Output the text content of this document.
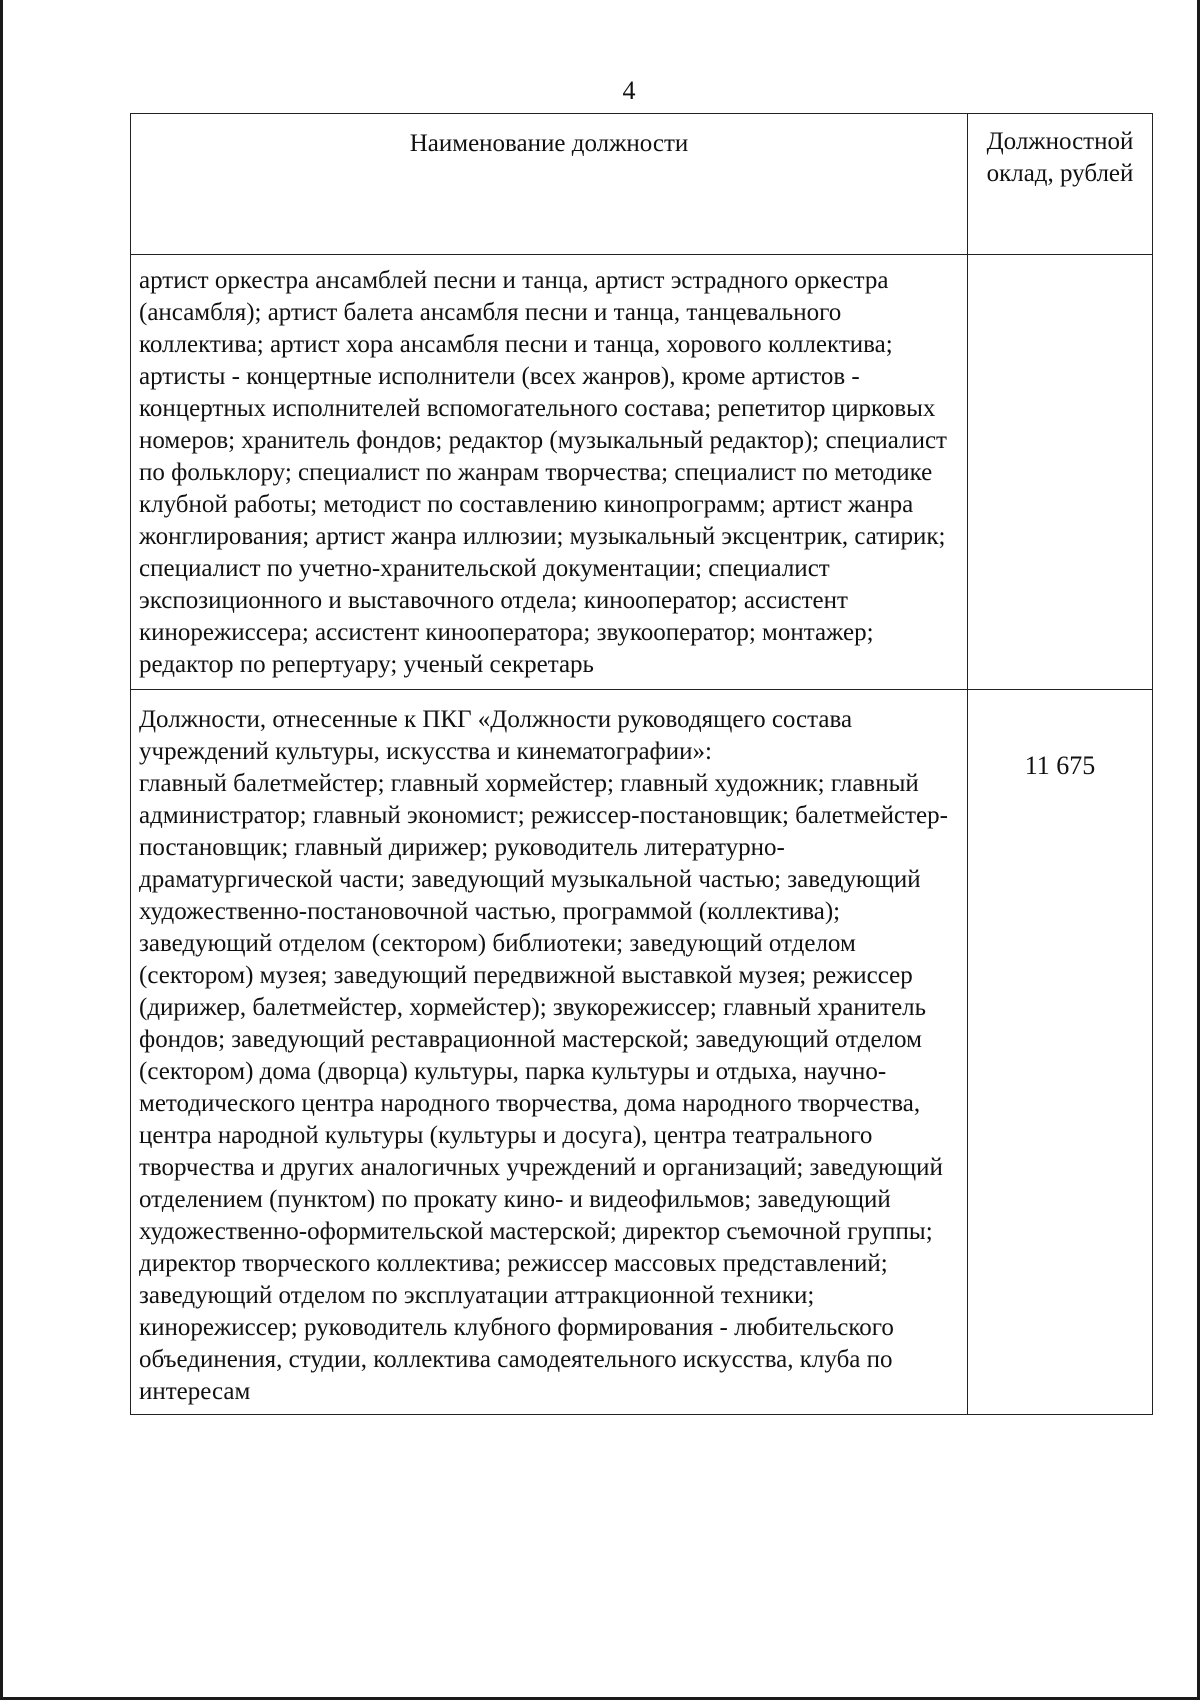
4
Наименование должности	Должностной оклад, рублей

артист оркестра ансамблей песни и танца, артист эстрадного оркестра (ансамбля); артист балета ансамбля песни и танца, танцевального коллектива; артист хора ансамбля песни и танца, хорового коллектива; артисты - концертные исполнители (всех жанров), кроме артистов - концертных исполнителей вспомогательного состава; репетитор цирковых номеров; хранитель фондов; редактор (музыкальный редактор); специалист по фольклору; специалист по жанрам творчества; специалист по методике клубной работы; методист по составлению кинопрограмм; артист жанра жонглирования; артист жанра иллюзии; музыкальный эксцентрик, сатирик; специалист по учетно-хранительской документации; специалист экспозиционного и выставочного отдела; кинооператор; ассистент кинорежиссера; ассистент кинооператора; звукооператор; монтажер; редактор по репертуару; ученый секретарь	

Должности, отнесенные к ПКГ «Должности руководящего состава учреждений культуры, искусства и кинематографии»:
главный балетмейстер; главный хормейстер; главный художник; главный администратор; главный экономист; режиссер-постановщик; балетмейстер-постановщик; главный дирижер; руководитель литературно-драматургической части; заведующий музыкальной частью; заведующий художественно-постановочной частью, программой (коллектива); заведующий отделом (сектором) библиотеки; заведующий отделом (сектором) музея; заведующий передвижной выставкой музея; режиссер (дирижер, балетмейстер, хормейстер); звукорежиссер; главный хранитель фондов; заведующий реставрационной мастерской; заведующий отделом (сектором) дома (дворца) культуры, парка культуры и отдыха, научно-методического центра народного творчества, дома народного творчества, центра народной культуры (культуры и досуга), центра театрального творчества и других аналогичных учреждений и организаций; заведующий отделением (пунктом) по прокату кино- и видеофильмов; заведующий художественно-оформительской мастерской; директор съемочной группы; директор творческого коллектива; режиссер массовых представлений; заведующий отделом по эксплуатации аттракционной техники; кинорежиссер; руководитель клубного формирования - любительского объединения, студии, коллектива самодеятельного искусства, клуба по интересам	11 675
